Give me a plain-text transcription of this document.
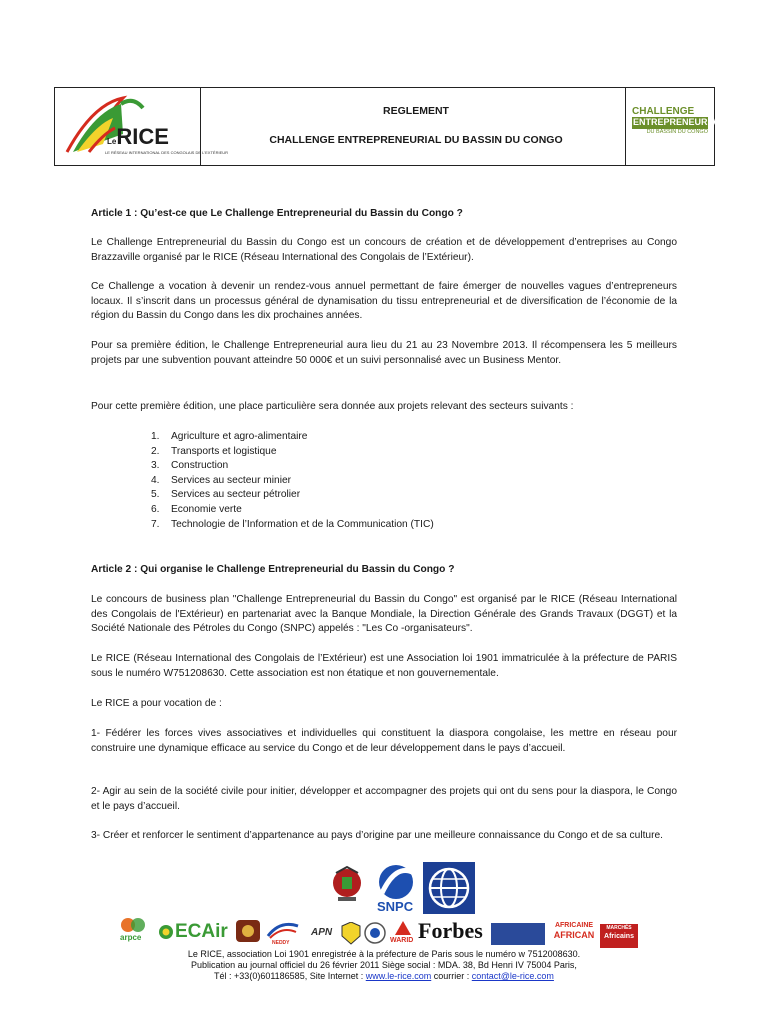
LeRICE
LE RÉSEAU INTERNATIONAL DES CONGOLAIS DE L'EXTÉRIEUR
REGLEMENT
CHALLENGE ENTREPRENEURIAL DU BASSIN DU CONGO
CHALLENGE
ENTREPRENEURIAL2013
DU BASSIN DU CONGO

Article 1 : Qu’est-ce que Le Challenge Entrepreneurial du Bassin du Congo ?

Le Challenge Entrepreneurial du Bassin du Congo est un concours de création et de développement d’entreprises au Congo Brazzaville organisé par le RICE (Réseau International des Congolais de l’Extérieur).

Ce Challenge a vocation à devenir un rendez-vous annuel permettant de faire émerger de nouvelles vagues d’entrepreneurs locaux. Il s’inscrit dans un processus général de dynamisation du tissu entrepreneurial et de diversification de l’économie de la région du Bassin du Congo dans les dix prochaines années.

Pour sa première édition, le Challenge Entrepreneurial aura lieu du 21 au 23 Novembre 2013. Il récompensera les 5 meilleurs projets par une subvention pouvant atteindre 50 000€ et un suivi personnalisé avec un Business Mentor.

Pour cette première édition, une place particulière sera donnée aux projets relevant des secteurs suivants :

1. Agriculture et agro-alimentaire
2. Transports et logistique
3. Construction
4. Services au secteur minier
5. Services au secteur pétrolier
6. Economie verte
7. Technologie de l’Information et de la Communication (TIC)

Article 2 : Qui organise le Challenge Entrepreneurial du Bassin du Congo ?

Le concours de business plan "Challenge Entrepreneurial du Bassin du Congo" est organisé par le RICE (Réseau International des Congolais de l'Extérieur) en partenariat avec la Banque Mondiale, la Direction Générale des Grands Travaux (DGGT) et la Société Nationale des Pétroles du Congo (SNPC) appelés : "Les Co -organisateurs".

Le RICE (Réseau International des Congolais de l’Extérieur) est une Association loi 1901 immatriculée à la préfecture de PARIS sous le numéro W751208630. Cette association est non étatique et non gouvernementale.

Le RICE a pour vocation de :

1- Fédérer les forces vives associatives et individuelles qui constituent la diaspora congolaise, les mettre en réseau pour construire une dynamique efficace au service du Congo et de leur développement dans le pays d’accueil.

2- Agir au sein de la société civile pour initier, développer et accompagner des projets qui ont du sens pour la diaspora, le Congo et le pays d’accueil.

3- Créer et renforcer le sentiment d’appartenance au pays d’origine par une meilleure connaissance du Congo et de sa culture.

SNPC
arpce ECAir
NEDDY
APN
WARID Forbes	AFRICAINE
AFRICAN
MARCHÉS
Africains
Le RICE, association Loi 1901 enregistrée à la préfecture de Paris sous le numéro w 7512008630.
Publication au journal officiel du 26 février 2011 Siège social : MDA. 38, Bd Henri IV 75004 Paris,
Tél : +33(0)601186585, Site Internet : www.le-rice.com courrier : contact@le-rice.com
